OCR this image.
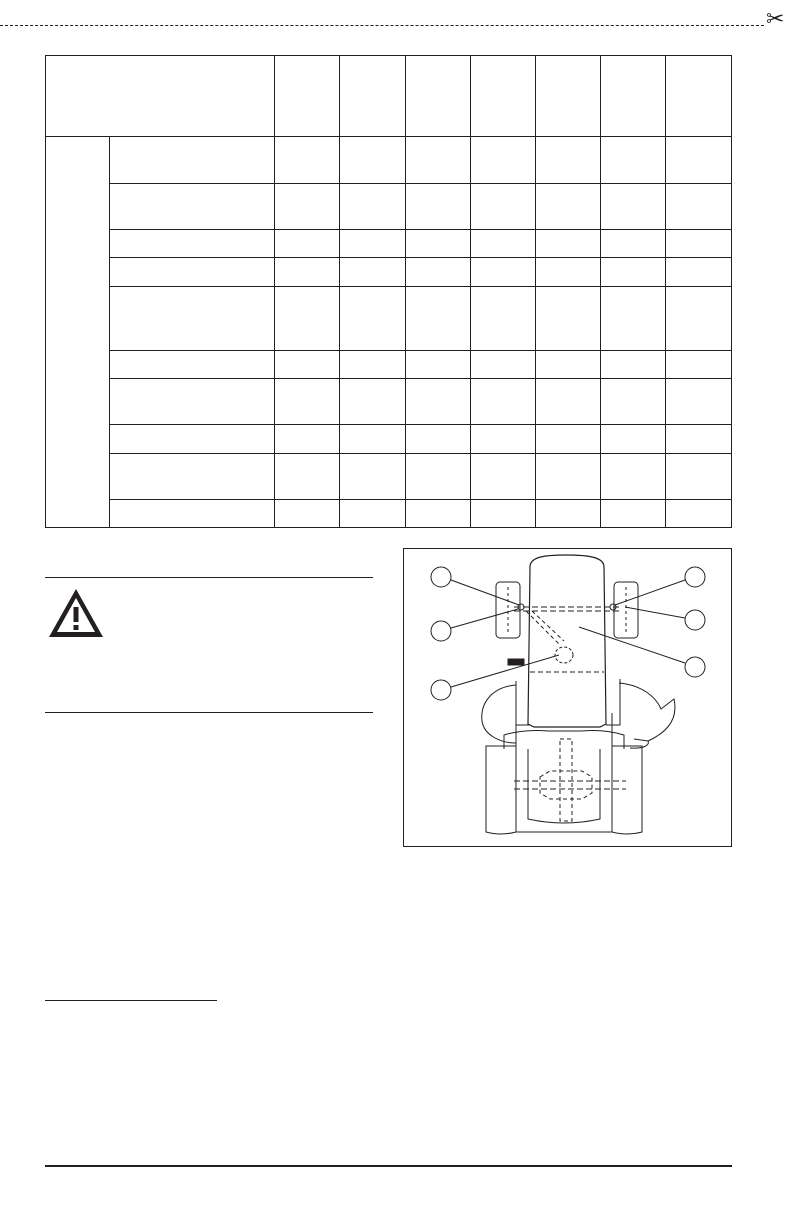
✂
